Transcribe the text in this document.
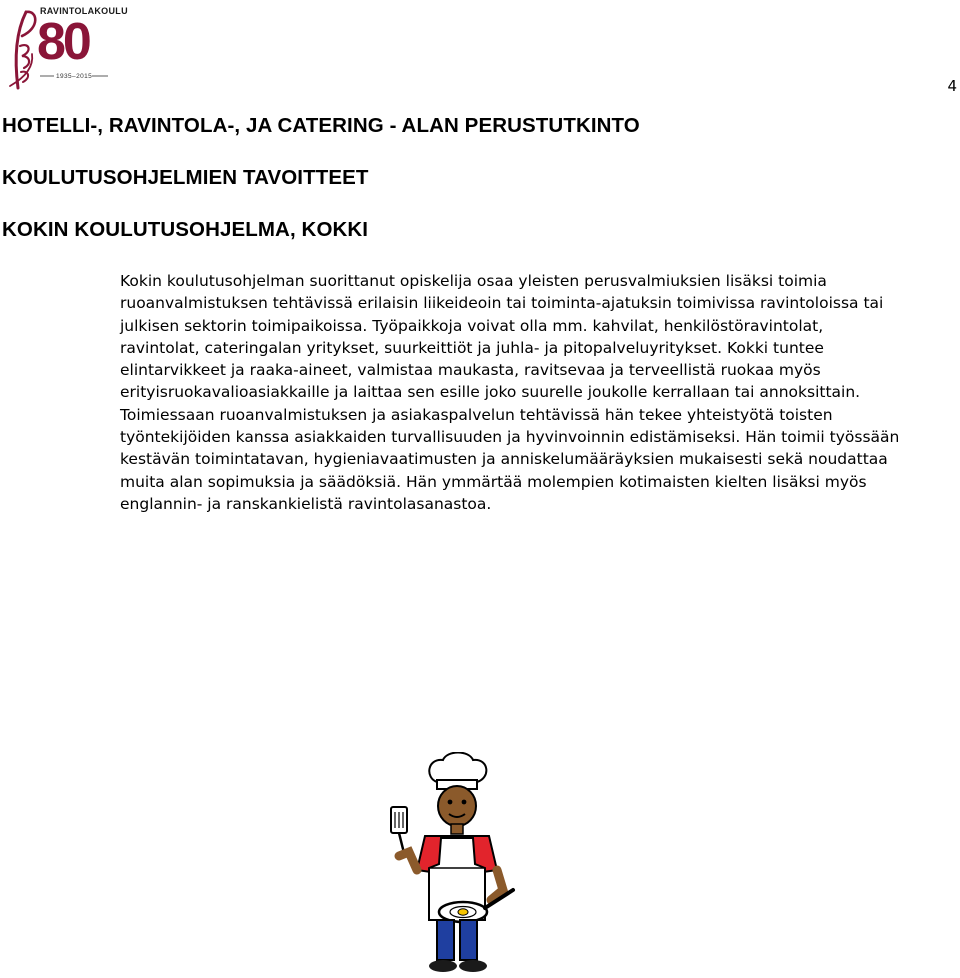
RAVINTOLAKOULU
80
1935–2015
4
HOTELLI-, RAVINTOLA-, JA CATERING - ALAN PERUSTUTKINTO
KOULUTUSOHJELMIEN TAVOITTEET
KOKIN KOULUTUSOHJELMA, KOKKI

Kokin koulutusohjelman suorittanut opiskelija osaa yleisten perusvalmiuksien lisäksi toimia ruoanvalmistuksen tehtävissä erilaisin liikeideoin tai toiminta-ajatuksin toimivissa ravintoloissa tai julkisen sektorin toimipaikoissa. Työpaikkoja voivat olla mm. kahvilat, henkilöstöravintolat, ravintolat, cateringalan yritykset, suurkeittiöt ja juhla- ja pitopalveluyritykset. Kokki tuntee elintarvikkeet ja raaka-aineet, valmistaa maukasta, ravitsevaa ja terveellistä ruokaa myös erityisruokavalioasiakkaille ja laittaa sen esille joko suurelle joukolle kerrallaan tai annoksittain. Toimiessaan ruoanvalmistuksen ja asiakaspalvelun tehtävissä hän tekee yhteistyötä toisten työntekijöiden kanssa asiakkaiden turvallisuuden ja hyvinvoinnin edistämiseksi. Hän toimii työssään kestävän toimintatavan, hygieniavaatimusten ja anniskelumääräyksien mukaisesti sekä noudattaa muita alan sopimuksia ja säädöksiä. Hän ymmärtää molempien kotimaisten kielten lisäksi myös englannin- ja ranskankielistä ravintolasanastoa.
